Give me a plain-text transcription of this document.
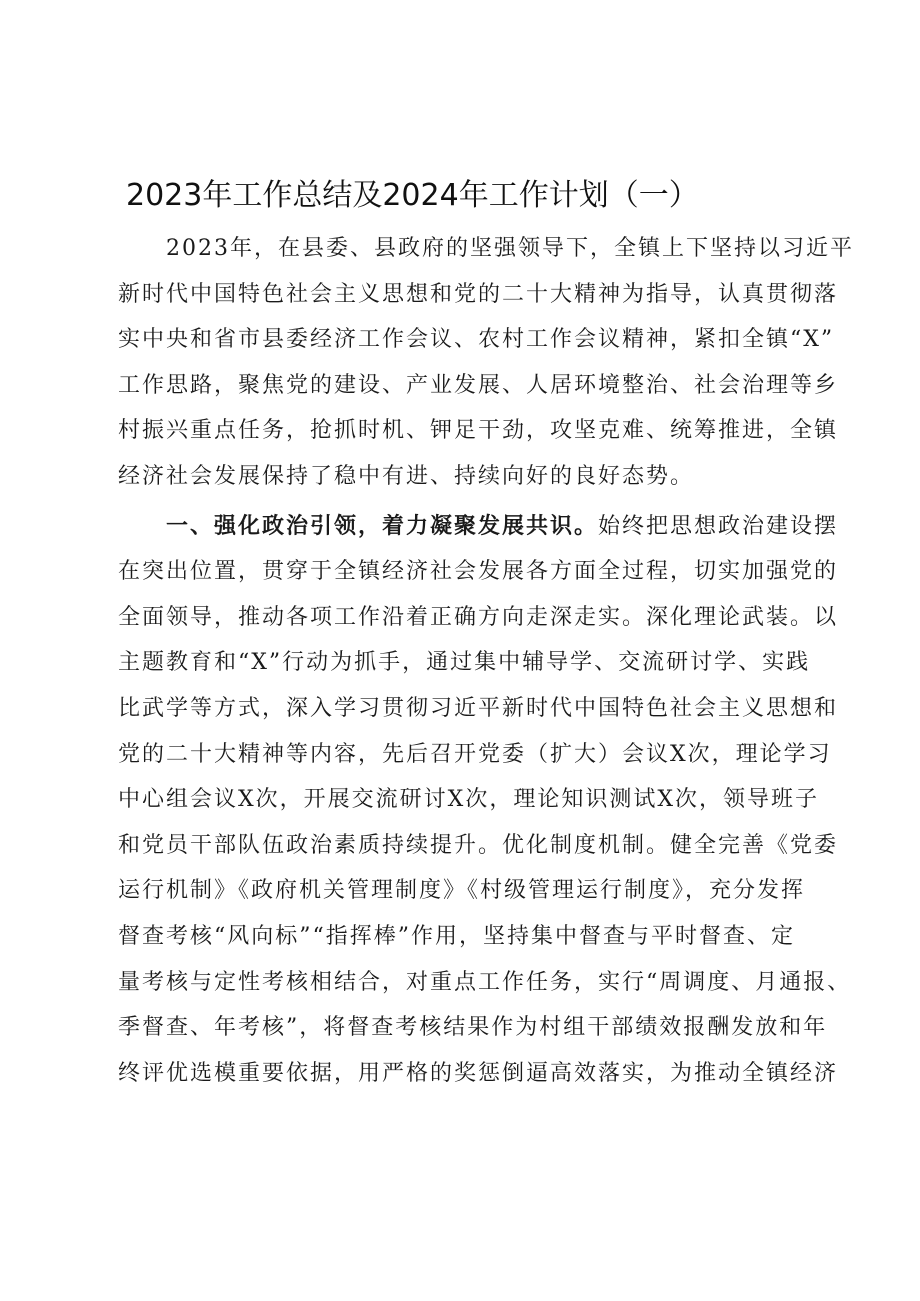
2023年工作总结及2024年工作计划（一）

　　2023年，在县委、县政府的坚强领导下，全镇上下坚持以习近平
新时代中国特色社会主义思想和党的二十大精神为指导，认真贯彻落
实中央和省市县委经济工作会议、农村工作会议精神，紧扣全镇“X”
工作思路，聚焦党的建设、产业发展、人居环境整治、社会治理等乡
村振兴重点任务，抢抓时机、钾足干劲，攻坚克难、统筹推进，全镇
经济社会发展保持了稳中有进、持续向好的良好态势。

　　一、强化政治引领，着力凝聚发展共识。始终把思想政治建设摆
在突出位置，贯穿于全镇经济社会发展各方面全过程，切实加强党的
全面领导，推动各项工作沿着正确方向走深走实。深化理论武装。以
主题教育和“X”行动为抓手，通过集中辅导学、交流研讨学、实践
比武学等方式，深入学习贯彻习近平新时代中国特色社会主义思想和
党的二十大精神等内容，先后召开党委（扩大）会议X次，理论学习
中心组会议X次，开展交流研讨X次，理论知识测试X次，领导班子
和党员干部队伍政治素质持续提升。优化制度机制。健全完善《党委
运行机制》《政府机关管理制度》《村级管理运行制度》，充分发挥
督查考核“风向标”“指挥棒”作用，坚持集中督查与平时督查、定
量考核与定性考核相结合，对重点工作任务，实行“周调度、月通报、
季督查、年考核”，将督查考核结果作为村组干部绩效报酬发放和年
终评优选模重要依据，用严格的奖惩倒逼高效落实，为推动全镇经济
